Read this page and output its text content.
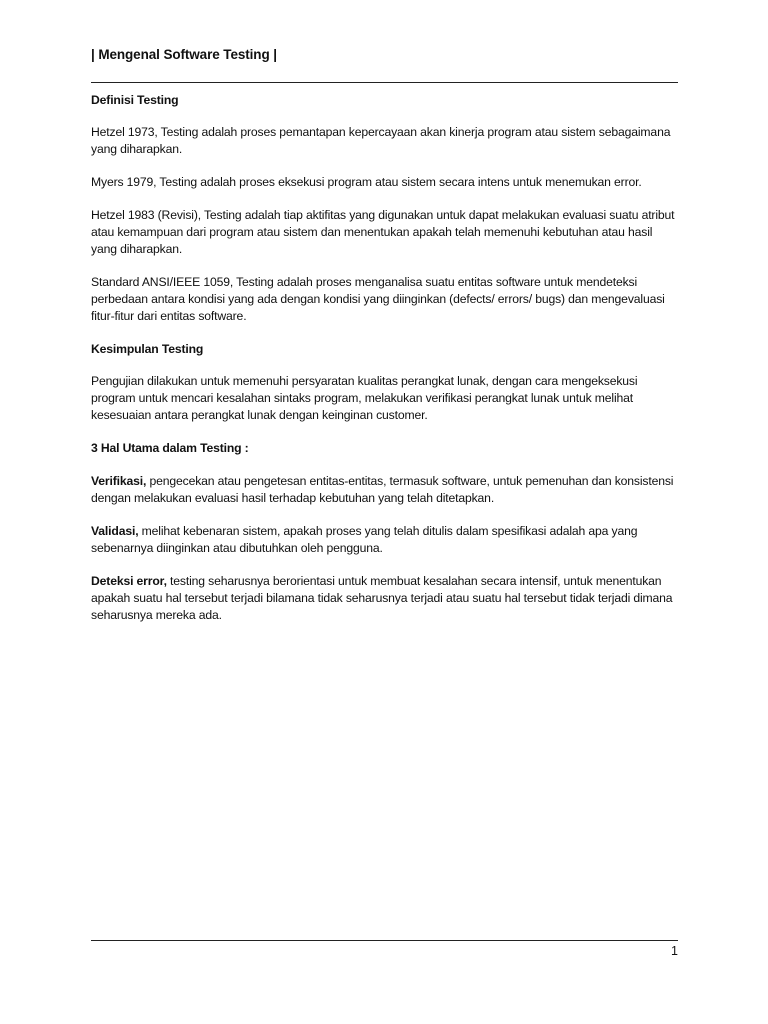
| Mengenal Software Testing |

Definisi Testing

Hetzel 1973, Testing adalah proses pemantapan kepercayaan akan kinerja program atau sistem sebagaimana yang diharapkan.

Myers 1979, Testing adalah proses eksekusi program atau sistem secara intens untuk menemukan error.

Hetzel 1983 (Revisi), Testing adalah tiap aktifitas yang digunakan untuk dapat melakukan evaluasi suatu atribut atau kemampuan dari program atau sistem dan menentukan apakah telah memenuhi kebutuhan atau hasil yang diharapkan.

Standard ANSI/IEEE 1059, Testing adalah proses menganalisa suatu entitas software untuk mendeteksi perbedaan antara kondisi yang ada dengan kondisi yang diinginkan (defects/ errors/ bugs) dan mengevaluasi fitur-fitur dari entitas software.

Kesimpulan Testing

Pengujian dilakukan untuk memenuhi persyaratan kualitas perangkat lunak, dengan cara mengeksekusi program untuk mencari kesalahan sintaks program, melakukan verifikasi perangkat lunak untuk melihat kesesuaian antara perangkat lunak dengan keinginan customer.

3 Hal Utama dalam Testing :

Verifikasi, pengecekan atau pengetesan entitas-entitas, termasuk software, untuk pemenuhan dan konsistensi dengan melakukan evaluasi hasil terhadap kebutuhan yang telah ditetapkan.

Validasi, melihat kebenaran sistem, apakah proses yang telah ditulis dalam spesifikasi adalah apa yang sebenarnya diinginkan atau dibutuhkan oleh pengguna.

Deteksi error, testing seharusnya berorientasi untuk membuat kesalahan secara intensif, untuk menentukan apakah suatu hal tersebut terjadi bilamana tidak seharusnya terjadi atau suatu hal tersebut tidak terjadi dimana seharusnya mereka ada.

1
